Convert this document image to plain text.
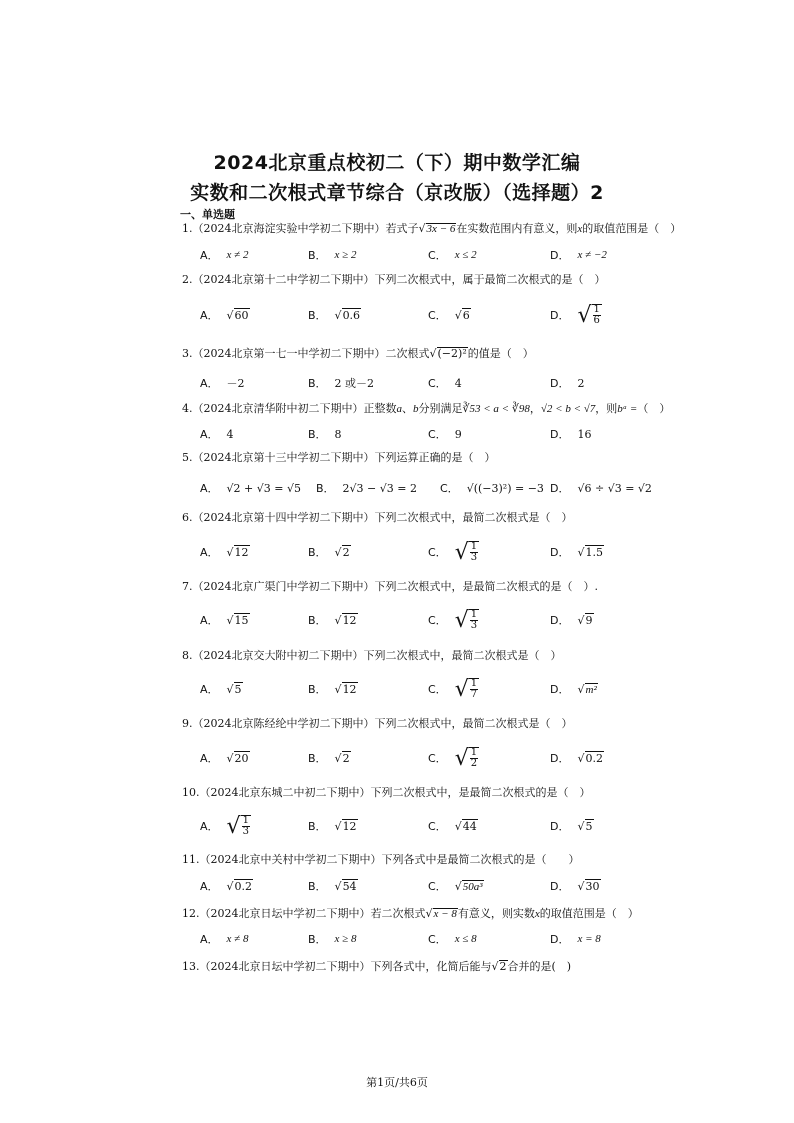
2024北京重点校初二（下）期中数学汇编
实数和二次根式章节综合（京改版）（选择题）2
一、单选题
1.（2024北京海淀实验中学初二下期中）若式子√3x − 6在实数范围内有意义，则x的取值范围是（　）
A． x ≠ 2	B． x ≥ 2	C． x ≤ 2	D． x ≠ −2
2.（2024北京第十二中学初二下期中）下列二次根式中，属于最简二次根式的是（　）
A． √ 60	B． √ 0.6	C． √ 6	D． √ 1
6
3.（2024北京第一七一中学初二下期中）二次根式√(−2)²的值是（　）
A． －2	B． 2 或－2	C． 4	D． 2
4.（2024北京清华附中初二下期中）正整数a、b分别满足∛53 < a < ∛98，√2 < b < √7，则bᵃ =（　）
A． 4	B． 8	C． 9	D． 16
5.（2024北京第十三中学初二下期中）下列运算正确的是（　）
A． √2 + √3 = √5 B． 2√3 − √3 = 2 C． √((−3)²) = −3 D． √6 ÷ √3 = √2
6.（2024北京第十四中学初二下期中）下列二次根式中，最简二次根式是（　）
A． √ 12	B． √ 2	C． √ 1
3	D． √ 1.5
7.（2024北京广渠门中学初二下期中）下列二次根式中，是最简二次根式的是（　）.
A． √ 15	B． √ 12	C． √ 1
3	D． √ 9
8.（2024北京交大附中初二下期中）下列二次根式中，最简二次根式是（　）
A． √ 5	B． √ 12	C． √ 1
7	D． √ m²
9.（2024北京陈经纶中学初二下期中）下列二次根式中，最简二次根式是（　）
A． √ 20	B． √ 2	C． √ 1
2	D． √ 0.2
10.（2024北京东城二中初二下期中）下列二次根式中，是最简二次根式的是（　）
A． √ 1
3	B． √ 12	C． √ 44	D． √ 5
11.（2024北京中关村中学初二下期中）下列各式中是最简二次根式的是（　　）
A． √ 0.2	B． √ 54	C． √ 50a³	D． √ 30
12.（2024北京日坛中学初二下期中）若二次根式√x − 8有意义，则实数x的取值范围是（　）
A． x ≠ 8	B． x ≥ 8	C． x ≤ 8	D． x = 8
13.（2024北京日坛中学初二下期中）下列各式中，化简后能与√2合并的是(　)
第1页/共6页
